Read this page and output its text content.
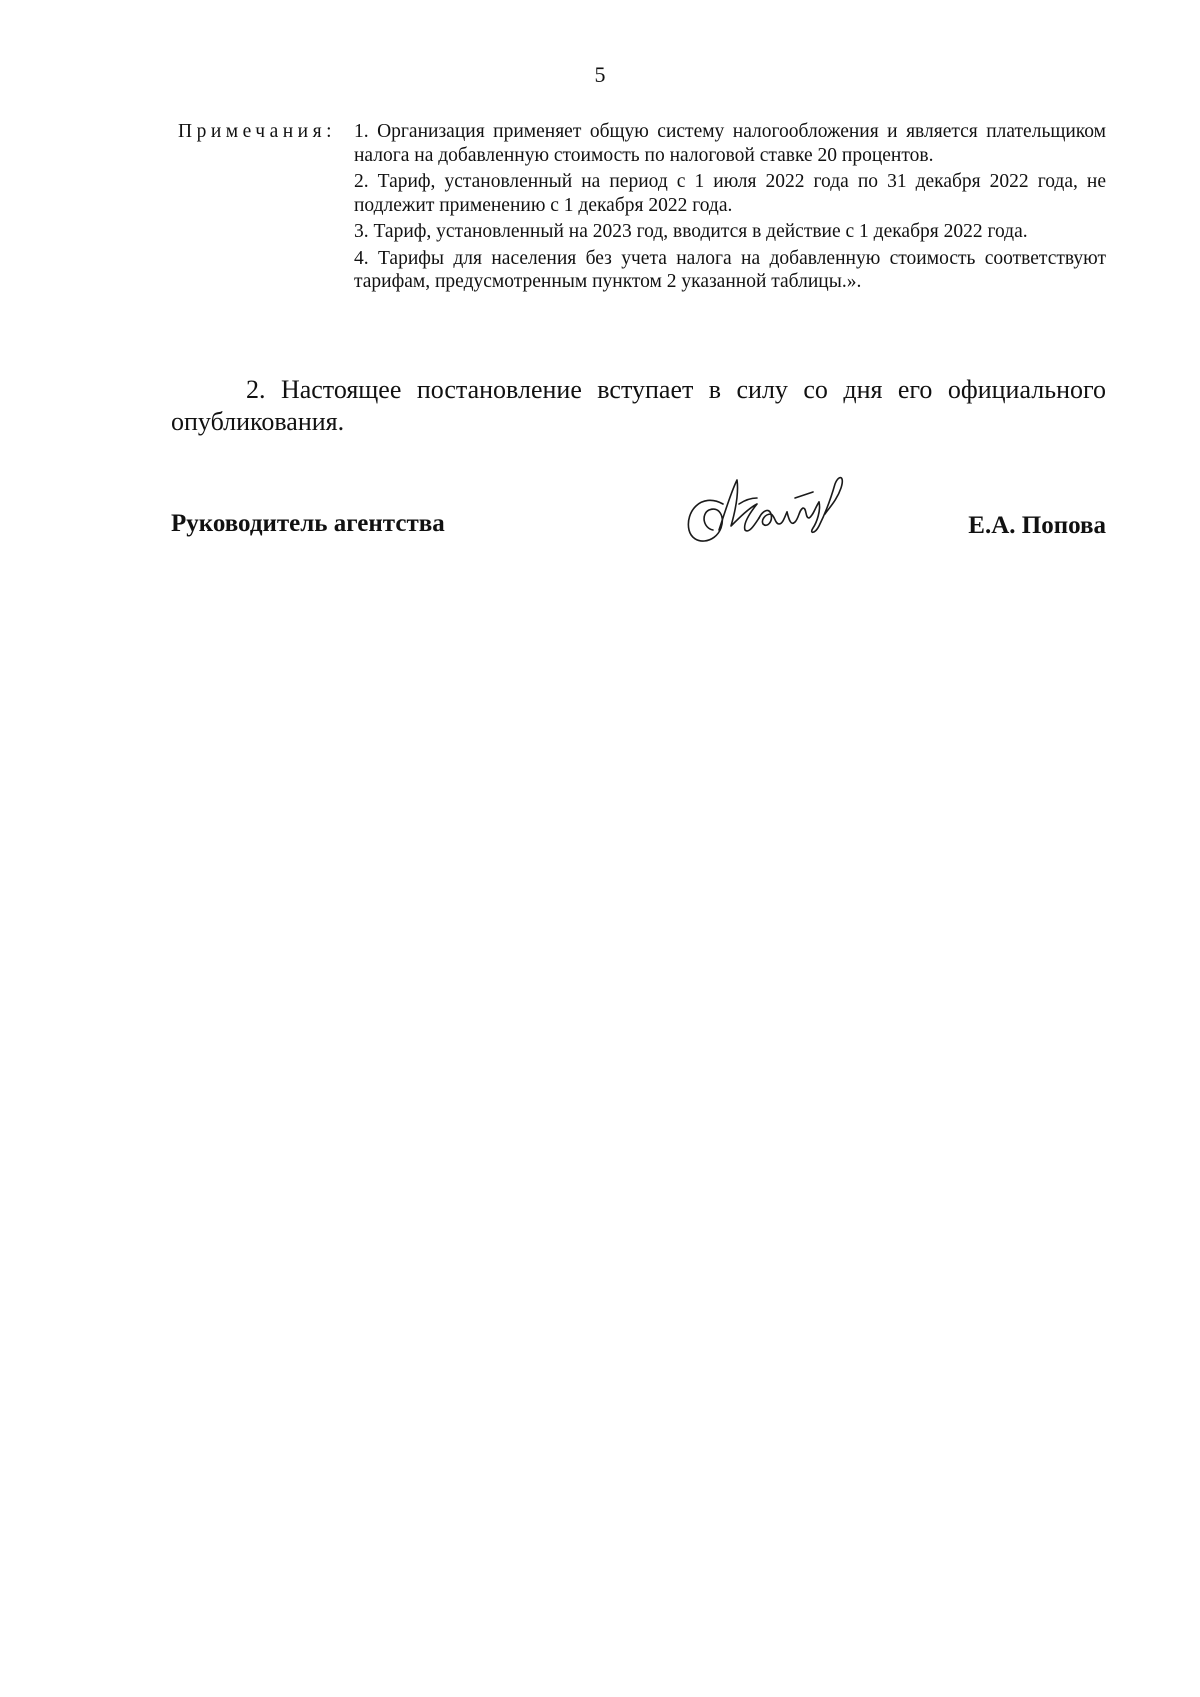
5
Примечания: 1. Организация применяет общую систему налогообложения и является плательщиком налога на добавленную стоимость по налоговой ставке 20 процентов.
2. Тариф, установленный на период с 1 июля 2022 года по 31 декабря 2022 года, не подлежит применению с 1 декабря 2022 года.
3. Тариф, установленный на 2023 год, вводится в действие с 1 декабря 2022 года.
4. Тарифы для населения без учета налога на добавленную стоимость соответствуют тарифам, предусмотренным пунктом 2 указанной таблицы.».
2. Настоящее постановление вступает в силу со дня его официального опубликования.
Руководитель агентства	Е.А. Попова
